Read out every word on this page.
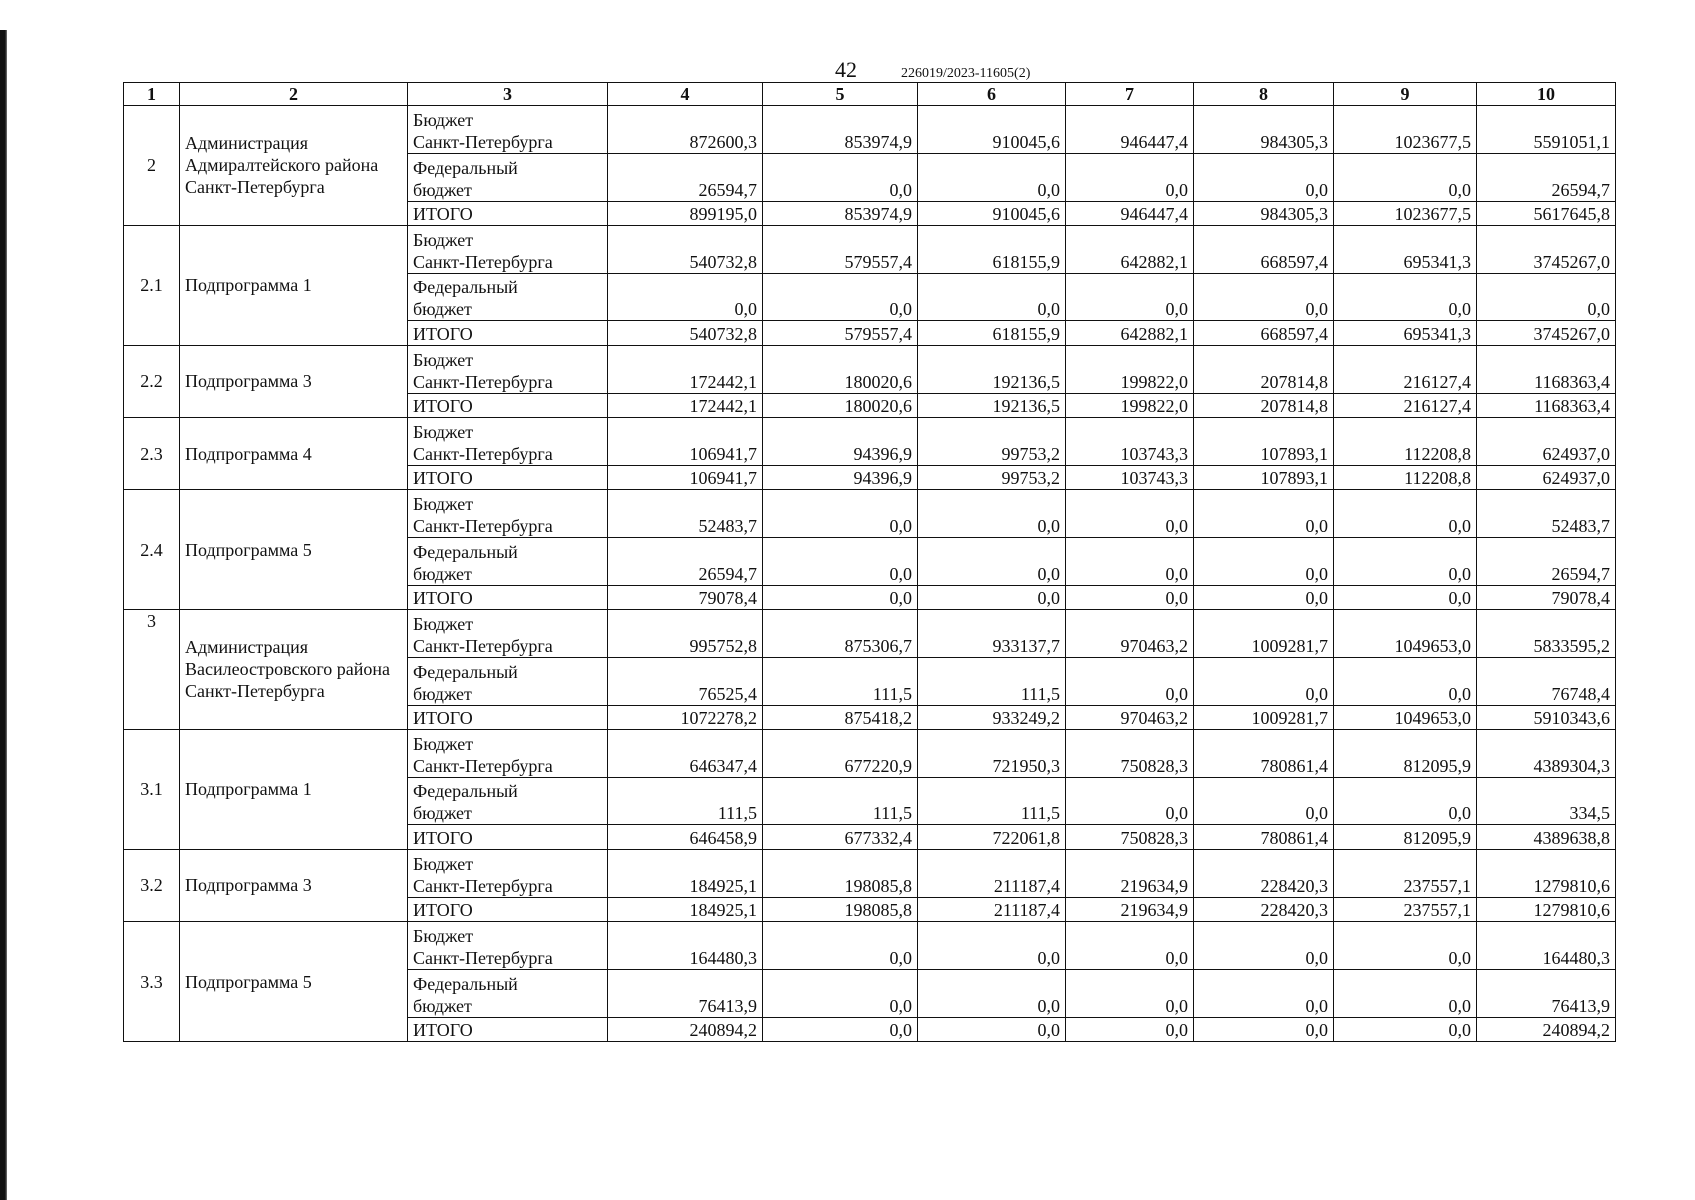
42	226019/2023-11605(2)
1	2	3	4	5	6	7	8	9	10
2	Администрация Адмиралтейского района Санкт-Петербурга	Бюджет
Санкт-Петербурга	872600,3	853974,9	910045,6	946447,4	984305,3	1023677,5	5591051,1
		Федеральный
бюджет	26594,7	0,0	0,0	0,0	0,0	0,0	26594,7
		ИТОГО	899195,0	853974,9	910045,6	946447,4	984305,3	1023677,5	5617645,8
2.1	Подпрограмма 1	Бюджет
Санкт-Петербурга	540732,8	579557,4	618155,9	642882,1	668597,4	695341,3	3745267,0
		Федеральный
бюджет	0,0	0,0	0,0	0,0	0,0	0,0	0,0
		ИТОГО	540732,8	579557,4	618155,9	642882,1	668597,4	695341,3	3745267,0
2.2	Подпрограмма 3	Бюджет
Санкт-Петербурга	172442,1	180020,6	192136,5	199822,0	207814,8	216127,4	1168363,4
		ИТОГО	172442,1	180020,6	192136,5	199822,0	207814,8	216127,4	1168363,4
2.3	Подпрограмма 4	Бюджет
Санкт-Петербурга	106941,7	94396,9	99753,2	103743,3	107893,1	112208,8	624937,0
		ИТОГО	106941,7	94396,9	99753,2	103743,3	107893,1	112208,8	624937,0
2.4	Подпрограмма 5	Бюджет
Санкт-Петербурга	52483,7	0,0	0,0	0,0	0,0	0,0	52483,7
		Федеральный
бюджет	26594,7	0,0	0,0	0,0	0,0	0,0	26594,7
		ИТОГО	79078,4	0,0	0,0	0,0	0,0	0,0	79078,4
3	Администрация Василеостровского района Санкт-Петербурга	Бюджет
Санкт-Петербурга	995752,8	875306,7	933137,7	970463,2	1009281,7	1049653,0	5833595,2
		Федеральный
бюджет	76525,4	111,5	111,5	0,0	0,0	0,0	76748,4
		ИТОГО	1072278,2	875418,2	933249,2	970463,2	1009281,7	1049653,0	5910343,6
3.1	Подпрограмма 1	Бюджет
Санкт-Петербурга	646347,4	677220,9	721950,3	750828,3	780861,4	812095,9	4389304,3
		Федеральный
бюджет	111,5	111,5	111,5	0,0	0,0	0,0	334,5
		ИТОГО	646458,9	677332,4	722061,8	750828,3	780861,4	812095,9	4389638,8
3.2	Подпрограмма 3	Бюджет
Санкт-Петербурга	184925,1	198085,8	211187,4	219634,9	228420,3	237557,1	1279810,6
		ИТОГО	184925,1	198085,8	211187,4	219634,9	228420,3	237557,1	1279810,6
3.3	Подпрограмма 5	Бюджет
Санкт-Петербурга	164480,3	0,0	0,0	0,0	0,0	0,0	164480,3
		Федеральный
бюджет	76413,9	0,0	0,0	0,0	0,0	0,0	76413,9
		ИТОГО	240894,2	0,0	0,0	0,0	0,0	0,0	240894,2
